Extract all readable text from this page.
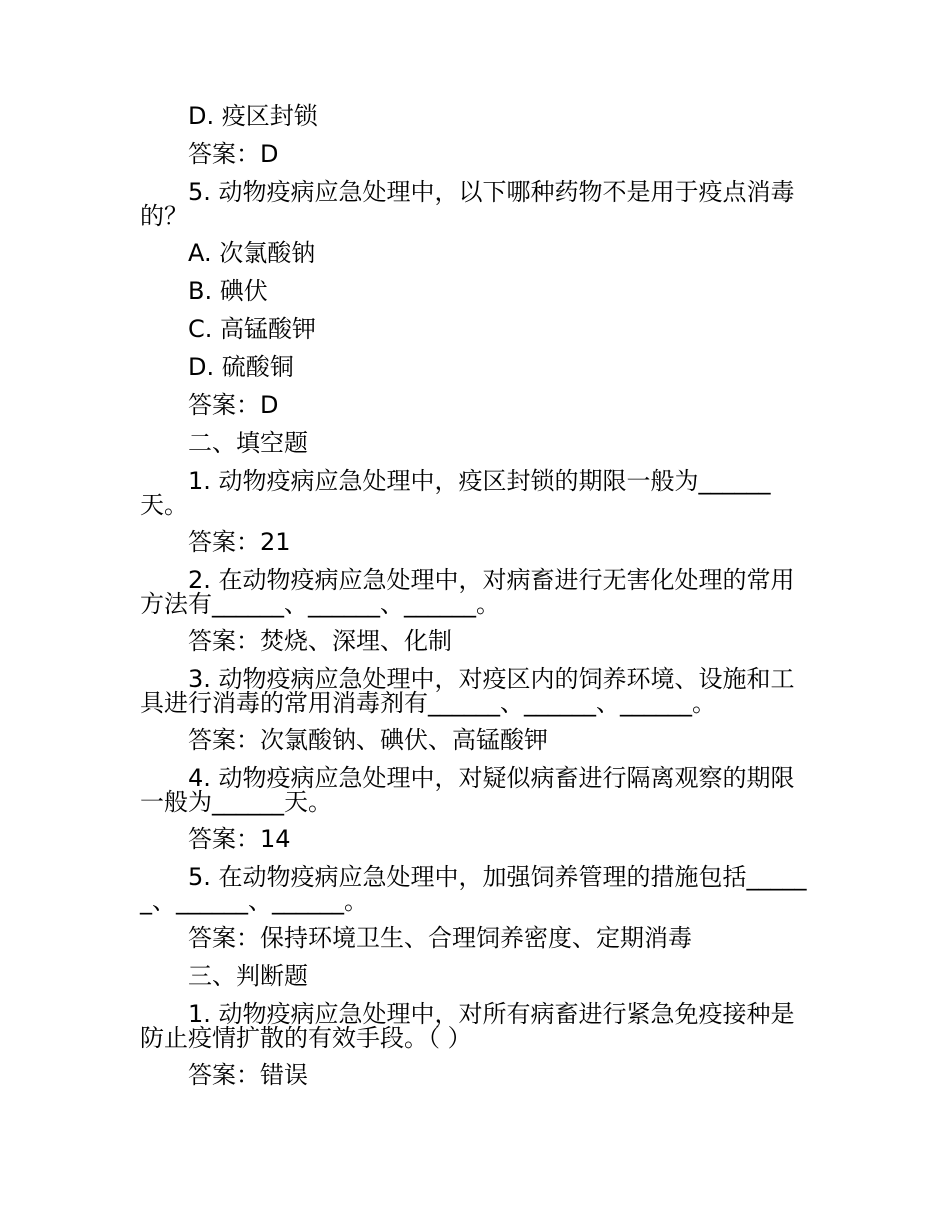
D. 疫区封锁
答案：D
5. 动物疫病应急处理中，以下哪种药物不是用于疫点消毒的？
A. 次氯酸钠
B. 碘伏
C. 高锰酸钾
D. 硫酸铜
答案：D
二、填空题
1. 动物疫病应急处理中，疫区封锁的期限一般为______天。
答案：21
2. 在动物疫病应急处理中，对病畜进行无害化处理的常用方法有______、______、______。
答案：焚烧、深埋、化制
3. 动物疫病应急处理中，对疫区内的饲养环境、设施和工具进行消毒的常用消毒剂有______、______、______。
答案：次氯酸钠、碘伏、高锰酸钾
4. 动物疫病应急处理中，对疑似病畜进行隔离观察的期限一般为______天。
答案：14
5. 在动物疫病应急处理中，加强饲养管理的措施包括______、______、______。
答案：保持环境卫生、合理饲养密度、定期消毒
三、判断题
1. 动物疫病应急处理中，对所有病畜进行紧急免疫接种是防止疫情扩散的有效手段。（ ）
答案：错误
